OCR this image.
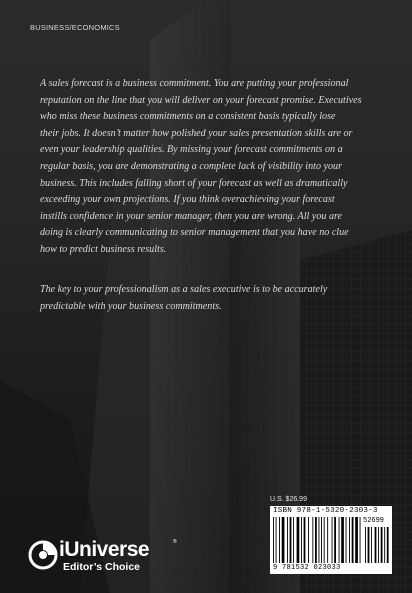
BUSINESS/ECONOMICS

A sales forecast is a business commitment. You are putting your professional
reputation on the line that you will deliver on your forecast promise. Executives
who miss these business commitments on a consistent basis typically lose
their jobs. It doesn’t matter how polished your sales presentation skills are or
even your leadership qualities. By missing your forecast commitments on a
regular basis, you are demonstrating a complete lack of visibility into your
business. This includes falling short of your forecast as well as dramatically
exceeding your own projections. If you think overachieving your forecast
instills confidence in your senior manager, then you are wrong. All you are
doing is clearly communicating to senior management that you have no clue
how to predict business results.

The key to your professionalism as a sales executive is to be accurately
predictable with your business commitments.

U.S. $26.99
ISBN 978-1-5320-2303-3
52699
9 781532 023033
iUniverse	®
Editor’s Choice
